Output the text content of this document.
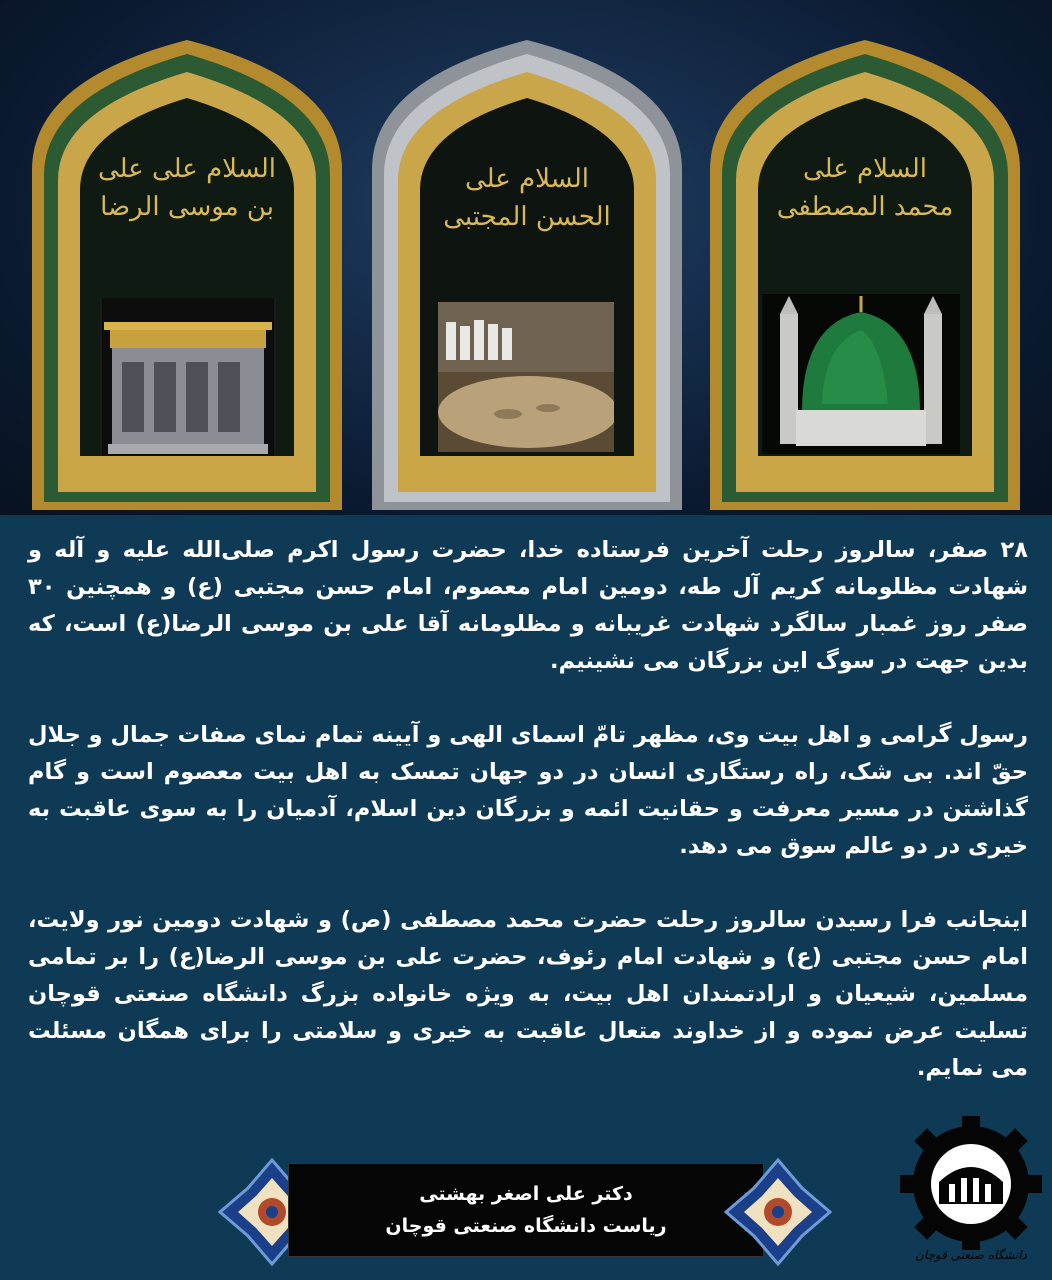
السلام علی علی بن موسی الرضا
السلام علی الحسن المجتبی
السلام علی محمد المصطفی

۲۸ صفر، سالروز رحلت آخرین فرستاده خدا، حضرت رسول اکرم صلی‌الله علیه و آله و شهادت مظلومانه کریم آل طه، دومین امام معصوم، امام حسن مجتبی (ع) و همچنین ۳۰ صفر روز غمبار سالگرد شهادت غریبانه و مظلومانه آقا علی بن موسی الرضا(ع) است، که بدین جهت در سوگ این بزرگان می نشینیم.

رسول گرامی و اهل بیت وی، مظهر تامّ اسمای الهی و آیینه تمام نمای صفات جمال و جلال حقّ اند. بی شک، راه رستگاری انسان در دو جهان تمسک به اهل بیت معصوم است و گام گذاشتن در مسیر معرفت و حقانیت ائمه و بزرگان دین اسلام، آدمیان را به سوی عاقبت به خیری در دو عالم سوق می دهد.

اینجانب فرا رسیدن سالروز رحلت حضرت محمد مصطفی (ص) و شهادت دومین نور ولایت، امام حسن مجتبی (ع) و شهادت امام رئوف، حضرت علی بن موسی الرضا(ع) را بر تمامی مسلمین، شیعیان و ارادتمندان اهل بیت، به ویژه خانواده بزرگ دانشگاه صنعتی قوچان تسلیت عرض نموده و از خداوند متعال عاقبت به خیری و سلامتی را برای همگان مسئلت می نمایم.

دکتر علی اصغر بهشتی
ریاست دانشگاه صنعتی قوچان
دانشگاه صنعتی قوچان
